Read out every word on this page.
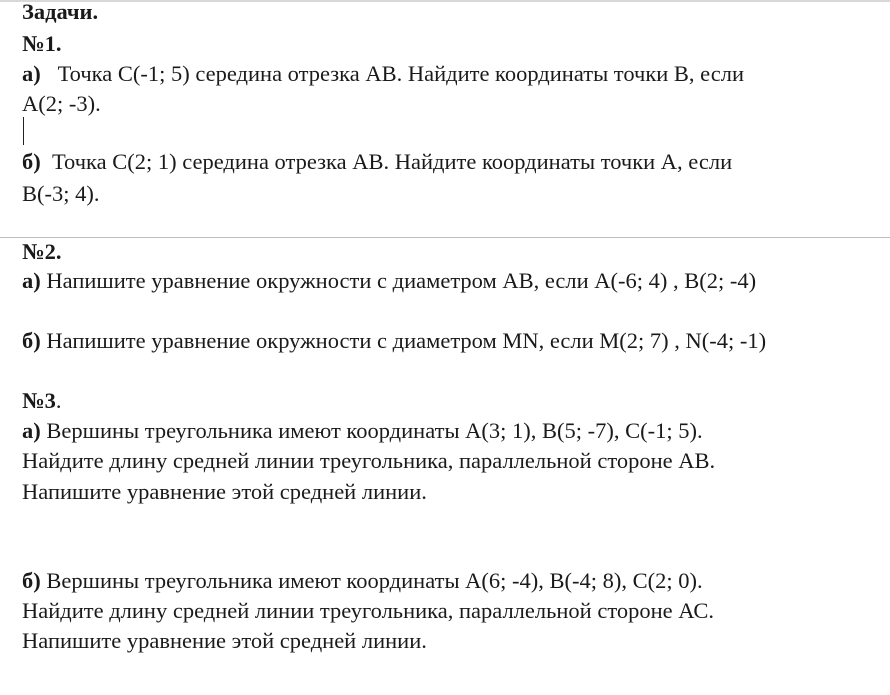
Задачи.
№1.
а) Точка С(-1; 5) середина отрезка АВ. Найдите координаты точки В, если
А(2; -3).
б) Точка С(2; 1) середина отрезка АВ. Найдите координаты точки А, если
В(-3; 4).
№2.
а) Напишите уравнение окружности с диаметром АВ, если А(-6; 4) , В(2; -4)
б) Напишите уравнение окружности с диаметром MN, если М(2; 7) , N(-4; -1)
№3.
а) Вершины треугольника имеют координаты А(3; 1), В(5; -7), С(-1; 5).
Найдите длину средней линии треугольника, параллельной стороне АВ.
Напишите уравнение этой средней линии.
б) Вершины треугольника имеют координаты А(6; -4), В(-4; 8), С(2; 0).
Найдите длину средней линии треугольника, параллельной стороне АС.
Напишите уравнение этой средней линии.
